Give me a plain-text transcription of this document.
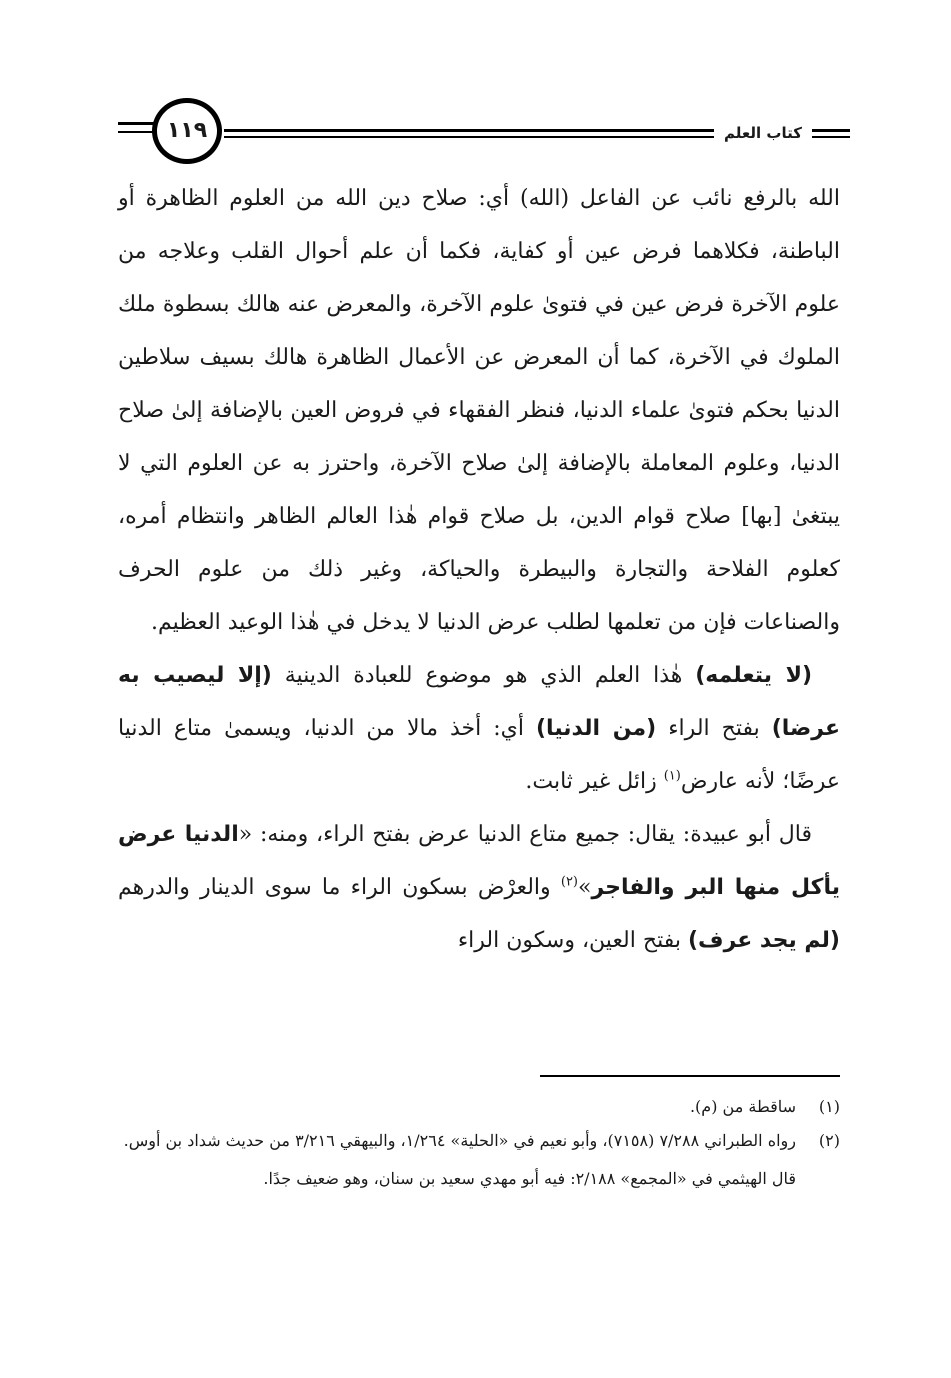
١١٩	كتاب العلم

الله بالرفع نائب عن الفاعل (الله) أي: صلاح دين الله من العلوم الظاهرة أو الباطنة، فكلاهما فرض عين أو كفاية، فكما أن علم أحوال القلب وعلاجه من علوم الآخرة فرض عين في فتوىٰ علوم الآخرة، والمعرض عنه هالك بسطوة ملك الملوك في الآخرة، كما أن المعرض عن الأعمال الظاهرة هالك بسيف سلاطين الدنيا بحكم فتوىٰ علماء الدنيا، فنظر الفقهاء في فروض العين بالإضافة إلىٰ صلاح الدنيا، وعلوم المعاملة بالإضافة إلىٰ صلاح الآخرة، واحترز به عن العلوم التي لا يبتغىٰ [بها] صلاح قوام الدين، بل صلاح قوام هٰذا العالم الظاهر وانتظام أمره، كعلوم الفلاحة والتجارة والبيطرة والحياكة، وغير ذلك من علوم الحرف والصناعات فإن من تعلمها لطلب عرض الدنيا لا يدخل في هٰذا الوعيد العظيم.

(لا يتعلمه) هٰذا العلم الذي هو موضوع للعبادة الدينية (إلا ليصيب به عرضا) بفتح الراء (من الدنيا) أي: أخذ مالا من الدنيا، ويسمىٰ متاع الدنيا عرضًا؛ لأنه عارض$^{(١)}$ زائل غير ثابت.

قال أبو عبيدة: يقال: جميع متاع الدنيا عرض بفتح الراء، ومنه: «الدنيا عرض يأكل منها البر والفاجر»$^{(٢)}$ والعرْض بسكون الراء ما سوى الدينار والدرهم (لم يجد عرف) بفتح العين، وسكون الراء

(١)
ساقطة من (م).

(٢)
رواه الطبراني ٧/٢٨٨ (٧١٥٨)، وأبو نعيم في «الحلية» ١/٢٦٤، والبيهقي ٣/٢١٦ من حديث شداد بن أوس.

قال الهيثمي في «المجمع» ٢/١٨٨: فيه أبو مهدي سعيد بن سنان، وهو ضعيف جدًا.
